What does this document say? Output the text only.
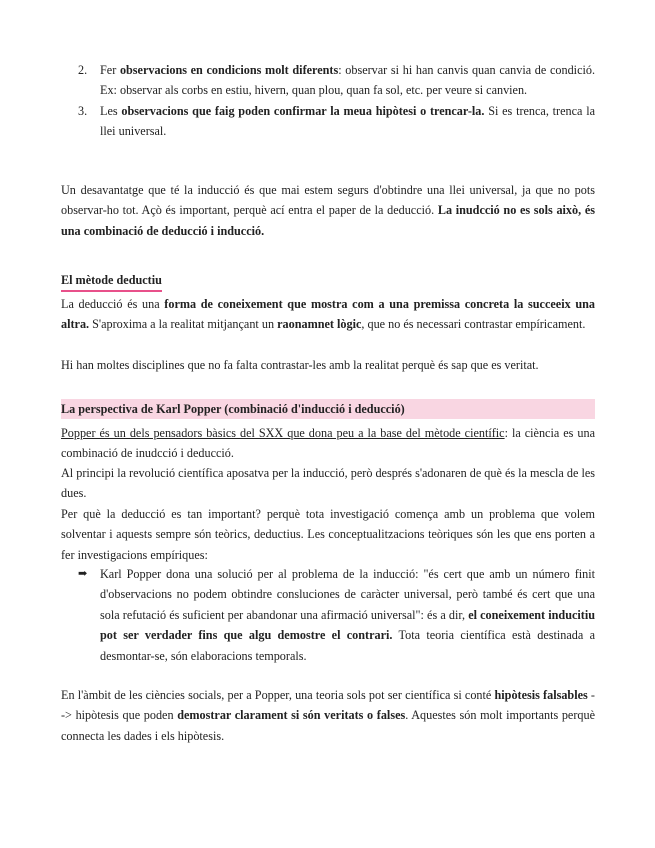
2. Fer observacions en condicions molt diferents: observar si hi han canvis quan canvia de condició. Ex: observar als corbs en estiu, hivern, quan plou, quan fa sol, etc. per veure si canvien.
3. Les observacions que faig poden confirmar la meua hipòtesi o trencar-la. Si es trenca, trenca la llei universal.

Un desavantatge que té la inducció és que mai estem segurs d'obtindre una llei universal, ja que no pots observar-ho tot. Açò és important, perquè ací entra el paper de la deducció. La inudcció no es sols això, és una combinació de deducció i inducció.

El mètode deductiu

La deducció és una forma de coneixement que mostra com a una premissa concreta la succeeix una altra. S'aproxima a la realitat mitjançant un raonamnet lògic, que no és necessari contrastar empíricament.

Hi han moltes disciplines que no fa falta contrastar-les amb la realitat perquè és sap que es veritat.

La perspectiva de Karl Popper (combinació d'inducció i deducció)

Popper és un dels pensadors bàsics del SXX que dona peu a la base del mètode científic: la ciència es una combinació de inudcció i deducció.

Al principi la revolució científica aposatva per la inducció, però després s'adonaren de què és la mescla de les dues.

Per què la deducció es tan important? perquè tota investigació comença amb un problema que volem solventar i aquests sempre són teòrics, deductius. Les conceptualitzacions teòriques són les que ens porten a fer investigacions empíriques:

➡ Karl Popper dona una solució per al problema de la inducció: "és cert que amb un número finit d'observacions no podem obtindre consluciones de caràcter universal, però també és cert que una sola refutació és suficient per abandonar una afirmació universal": és a dir, el coneixement inducitiu pot ser verdader fins que algu demostre el contrari. Tota teoria científica està destinada a desmontar-se, són elaboracions temporals.

En l'àmbit de les ciències socials, per a Popper, una teoria sols pot ser científica si conté hipòtesis falsables --> hipòtesis que poden demostrar clarament si són veritats o falses. Aquestes són molt importants perquè connecta les dades i els hipòtesis.
